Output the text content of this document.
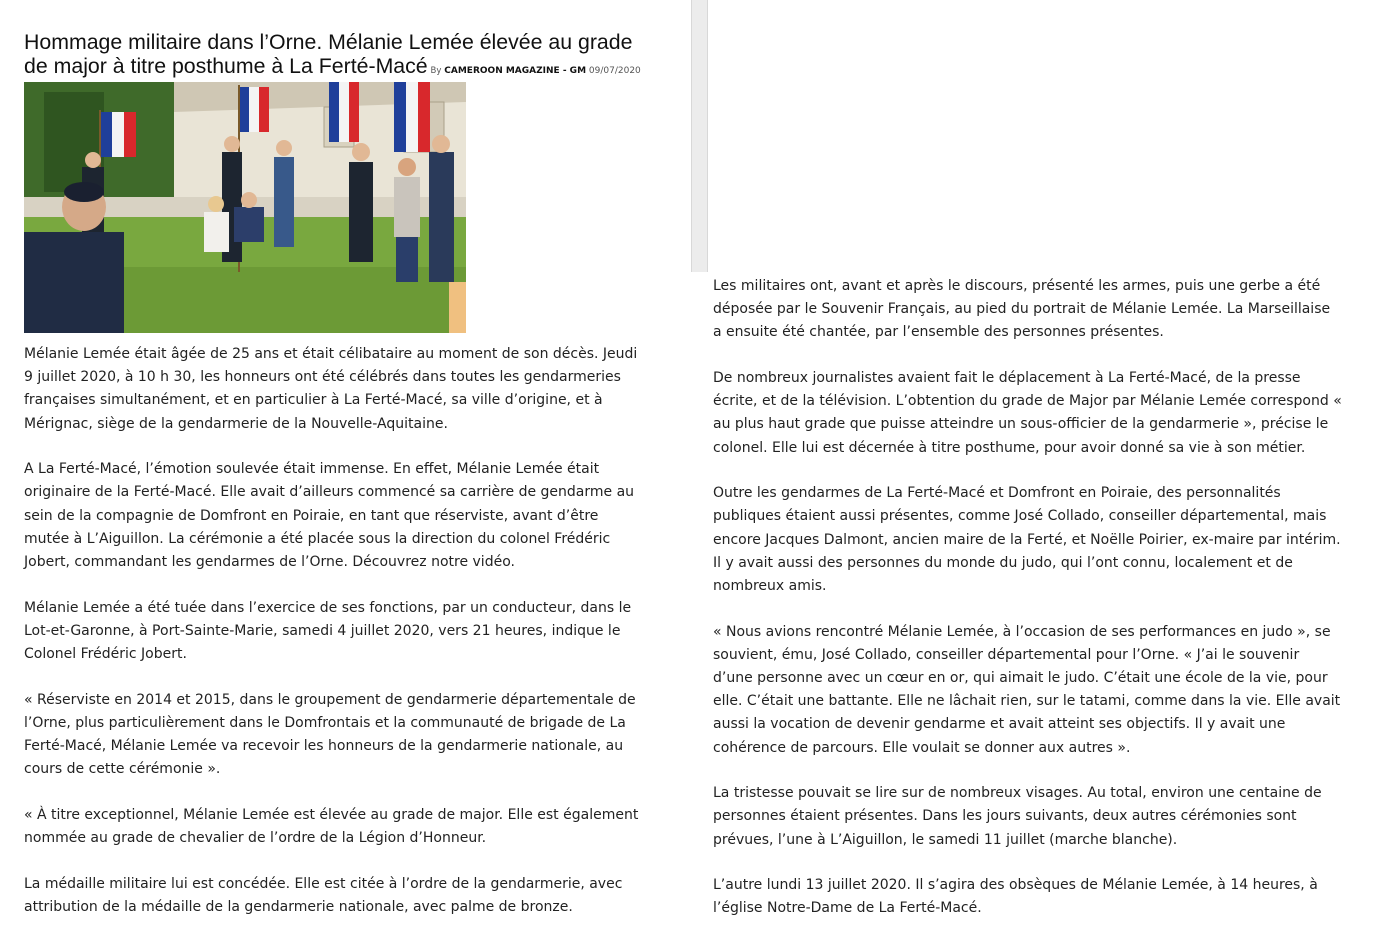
Hommage militaire dans l’Orne. Mélanie Lemée élevée au grade de major à titre posthume à La Ferté-Macé By CAMEROON MAGAZINE - GM 09/07/2020

Mélanie Lemée était âgée de 25 ans et était célibataire au moment de son décès. Jeudi 9 juillet 2020, à 10 h 30, les honneurs ont été célébrés dans toutes les gendarmeries françaises simultanément, et en particulier à La Ferté-Macé, sa ville d’origine, et à Mérignac, siège de la gendarmerie de la Nouvelle-Aquitaine.

A La Ferté-Macé, l’émotion soulevée était immense. En effet, Mélanie Lemée était originaire de la Ferté-Macé. Elle avait d’ailleurs commencé sa carrière de gendarme au sein de la compagnie de Domfront en Poiraie, en tant que réserviste, avant d’être mutée à L’Aiguillon. La cérémonie a été placée sous la direction du colonel Frédéric Jobert, commandant les gendarmes de l’Orne. Découvrez notre vidéo.

Mélanie Lemée a été tuée dans l’exercice de ses fonctions, par un conducteur, dans le Lot-et-Garonne, à Port-Sainte-Marie, samedi 4 juillet 2020, vers 21 heures, indique le Colonel Frédéric Jobert.

« Réserviste en 2014 et 2015, dans le groupement de gendarmerie départementale de l’Orne, plus particulièrement dans le Domfrontais et la communauté de brigade de La Ferté-Macé, Mélanie Lemée va recevoir les honneurs de la gendarmerie nationale, au cours de cette cérémonie ».

« À titre exceptionnel, Mélanie Lemée est élevée au grade de major. Elle est également nommée au grade de chevalier de l’ordre de la Légion d’Honneur.

La médaille militaire lui est concédée. Elle est citée à l’ordre de la gendarmerie, avec attribution de la médaille de la gendarmerie nationale, avec palme de bronze.

Les militaires ont, avant et après le discours, présenté les armes, puis une gerbe a été déposée par le Souvenir Français, au pied du portrait de Mélanie Lemée. La Marseillaise a ensuite été chantée, par l’ensemble des personnes présentes.

De nombreux journalistes avaient fait le déplacement à La Ferté-Macé, de la presse écrite, et de la télévision. L’obtention du grade de Major par Mélanie Lemée correspond « au plus haut grade que puisse atteindre un sous-officier de la gendarmerie », précise le colonel. Elle lui est décernée à titre posthume, pour avoir donné sa vie à son métier.

Outre les gendarmes de La Ferté-Macé et Domfront en Poiraie, des personnalités publiques étaient aussi présentes, comme José Collado, conseiller départemental, mais encore Jacques Dalmont, ancien maire de la Ferté, et Noëlle Poirier, ex-maire par intérim. Il y avait aussi des personnes du monde du judo, qui l’ont connu, localement et de nombreux amis.

« Nous avions rencontré Mélanie Lemée, à l’occasion de ses performances en judo », se souvient, ému, José Collado, conseiller départemental pour l’Orne. « J’ai le souvenir d’une personne avec un cœur en or, qui aimait le judo. C’était une école de la vie, pour elle. C’était une battante. Elle ne lâchait rien, sur le tatami, comme dans la vie. Elle avait aussi la vocation de devenir gendarme et avait atteint ses objectifs. Il y avait une cohérence de parcours. Elle voulait se donner aux autres ».

La tristesse pouvait se lire sur de nombreux visages. Au total, environ une centaine de personnes étaient présentes. Dans les jours suivants, deux autres cérémonies sont prévues, l’une à L’Aiguillon, le samedi 11 juillet (marche blanche).

L’autre lundi 13 juillet 2020. Il s’agira des obsèques de Mélanie Lemée, à 14 heures, à l’église Notre-Dame de La Ferté-Macé.
